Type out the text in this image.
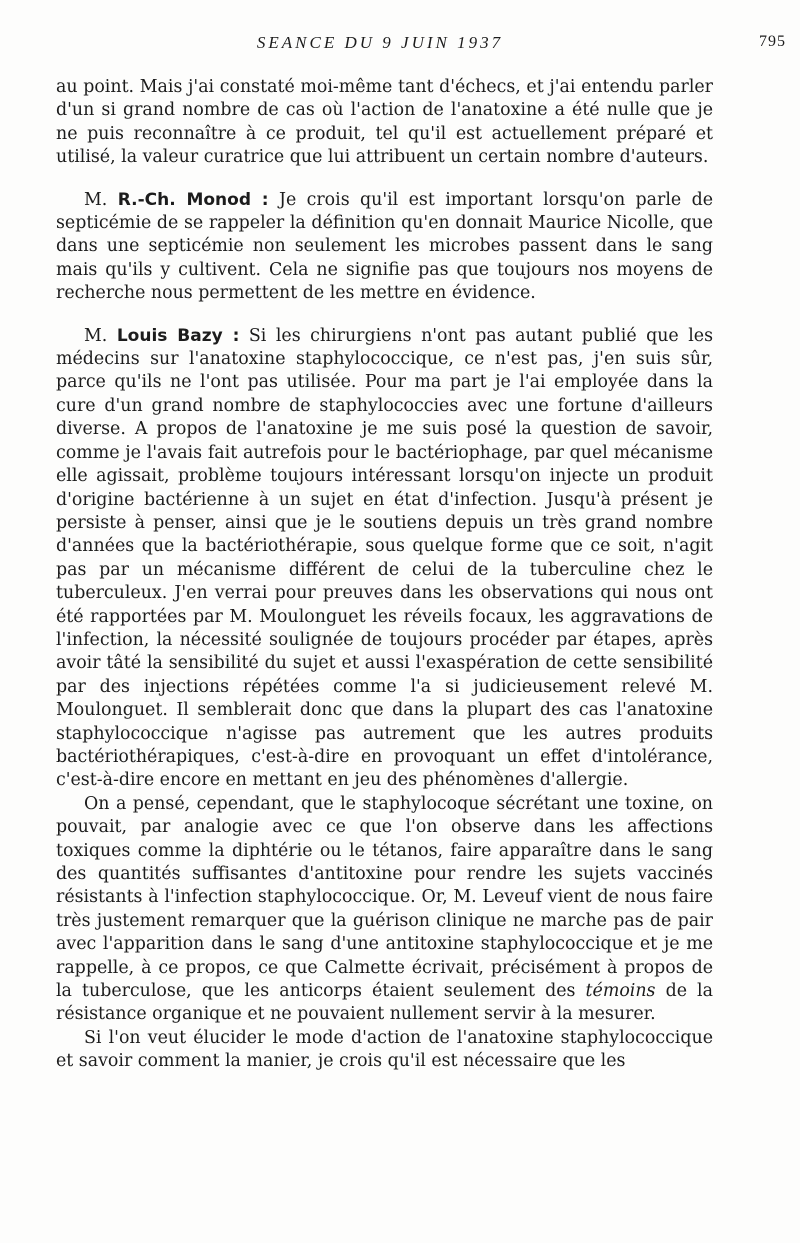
SEANCE DU 9 JUIN 1937	795

au point. Mais j'ai constaté moi-même tant d'échecs, et j'ai entendu parler d'un si grand nombre de cas où l'action de l'anatoxine a été nulle que je ne puis reconnaître à ce produit, tel qu'il est actuellement préparé et utilisé, la valeur curatrice que lui attribuent un certain nombre d'auteurs.

M. R.-Ch. Monod : Je crois qu'il est important lorsqu'on parle de septicémie de se rappeler la définition qu'en donnait Maurice Nicolle, que dans une septicémie non seulement les microbes passent dans le sang mais qu'ils y cultivent. Cela ne signifie pas que toujours nos moyens de recherche nous permettent de les mettre en évidence.

M. Louis Bazy : Si les chirurgiens n'ont pas autant publié que les médecins sur l'anatoxine staphylococcique, ce n'est pas, j'en suis sûr, parce qu'ils ne l'ont pas utilisée. Pour ma part je l'ai employée dans la cure d'un grand nombre de staphylococcies avec une fortune d'ailleurs diverse. A propos de l'anatoxine je me suis posé la question de savoir, comme je l'avais fait autrefois pour le bactériophage, par quel mécanisme elle agissait, problème toujours intéressant lorsqu'on injecte un produit d'origine bactérienne à un sujet en état d'infection. Jusqu'à présent je persiste à penser, ainsi que je le soutiens depuis un très grand nombre d'années que la bactériothérapie, sous quelque forme que ce soit, n'agit pas par un mécanisme différent de celui de la tuberculine chez le tuberculeux. J'en verrai pour preuves dans les observations qui nous ont été rapportées par M. Moulonguet les réveils focaux, les aggravations de l'infection, la nécessité soulignée de toujours procéder par étapes, après avoir tâté la sensibilité du sujet et aussi l'exaspération de cette sensibilité par des injections répétées comme l'a si judicieusement relevé M. Moulonguet. Il semblerait donc que dans la plupart des cas l'anatoxine staphylococcique n'agisse pas autrement que les autres produits bactériothérapiques, c'est-à-dire en provoquant un effet d'intolérance, c'est-à-dire encore en mettant en jeu des phénomènes d'allergie.

On a pensé, cependant, que le staphylocoque sécrétant une toxine, on pouvait, par analogie avec ce que l'on observe dans les affections toxiques comme la diphtérie ou le tétanos, faire apparaître dans le sang des quantités suffisantes d'antitoxine pour rendre les sujets vaccinés résistants à l'infection staphylococcique. Or, M. Leveuf vient de nous faire très justement remarquer que la guérison clinique ne marche pas de pair avec l'apparition dans le sang d'une antitoxine staphylococcique et je me rappelle, à ce propos, ce que Calmette écrivait, précisément à propos de la tuberculose, que les anticorps étaient seulement des témoins de la résistance organique et ne pouvaient nullement servir à la mesurer.

Si l'on veut élucider le mode d'action de l'anatoxine staphylococcique et savoir comment la manier, je crois qu'il est nécessaire que les
